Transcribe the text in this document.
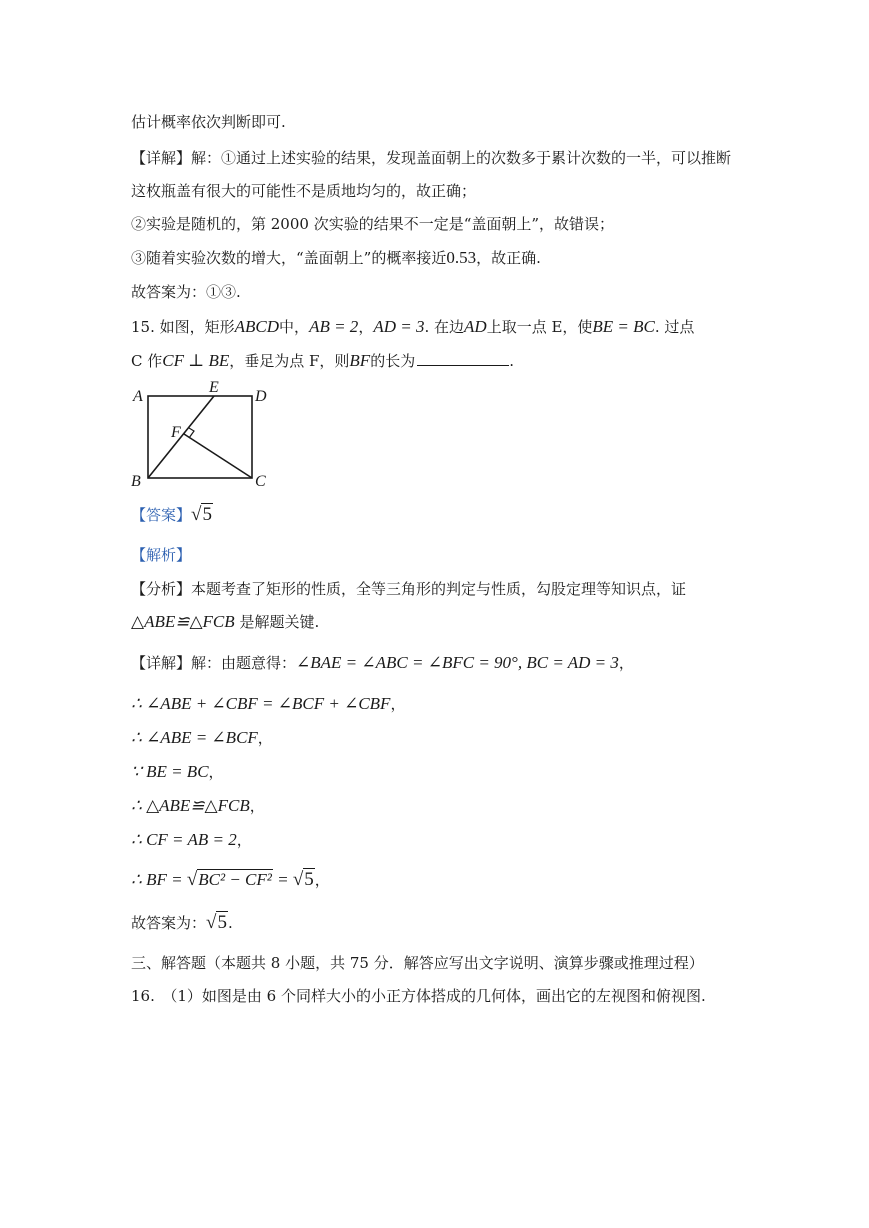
估计概率依次判断即可.
【详解】解：①通过上述实验的结果，发现盖面朝上的次数多于累计次数的一半，可以推断
这枚瓶盖有很大的可能性不是质地均匀的，故正确；
②实验是随机的，第 2000 次实验的结果不一定是“盖面朝上”，故错误；
③随着实验次数的增大，“盖面朝上”的概率接近0.53，故正确.
故答案为：①③.
15. 如图，矩形ABCD中，AB = 2，AD = 3. 在边AD上取一点 E，使BE = BC. 过点
C 作CF ⊥ BE，垂足为点 F，则BF的长为	.
A
E
D
F
B	C
【答案】√5
【解析】
【分析】本题考查了矩形的性质，全等三角形的判定与性质，勾股定理等知识点，证
△ABE≌△FCB 是解题关键.
【详解】解：由题意得：∠BAE = ∠ABC = ∠BFC = 90°, BC = AD = 3，
∴ ∠ABE + ∠CBF = ∠BCF + ∠CBF，
∴ ∠ABE = ∠BCF，
∵ BE = BC，
∴ △ABE≌△FCB，
∴ CF = AB = 2，
∴ BF = √BC² − CF² = √5，
故答案为：√5.
三、解答题（本题共 8 小题，共 75 分．解答应写出文字说明、演算步骤或推理过程）
16.　（1）如图是由 6 个同样大小的小正方体搭成的几何体，画出它的左视图和俯视图.
